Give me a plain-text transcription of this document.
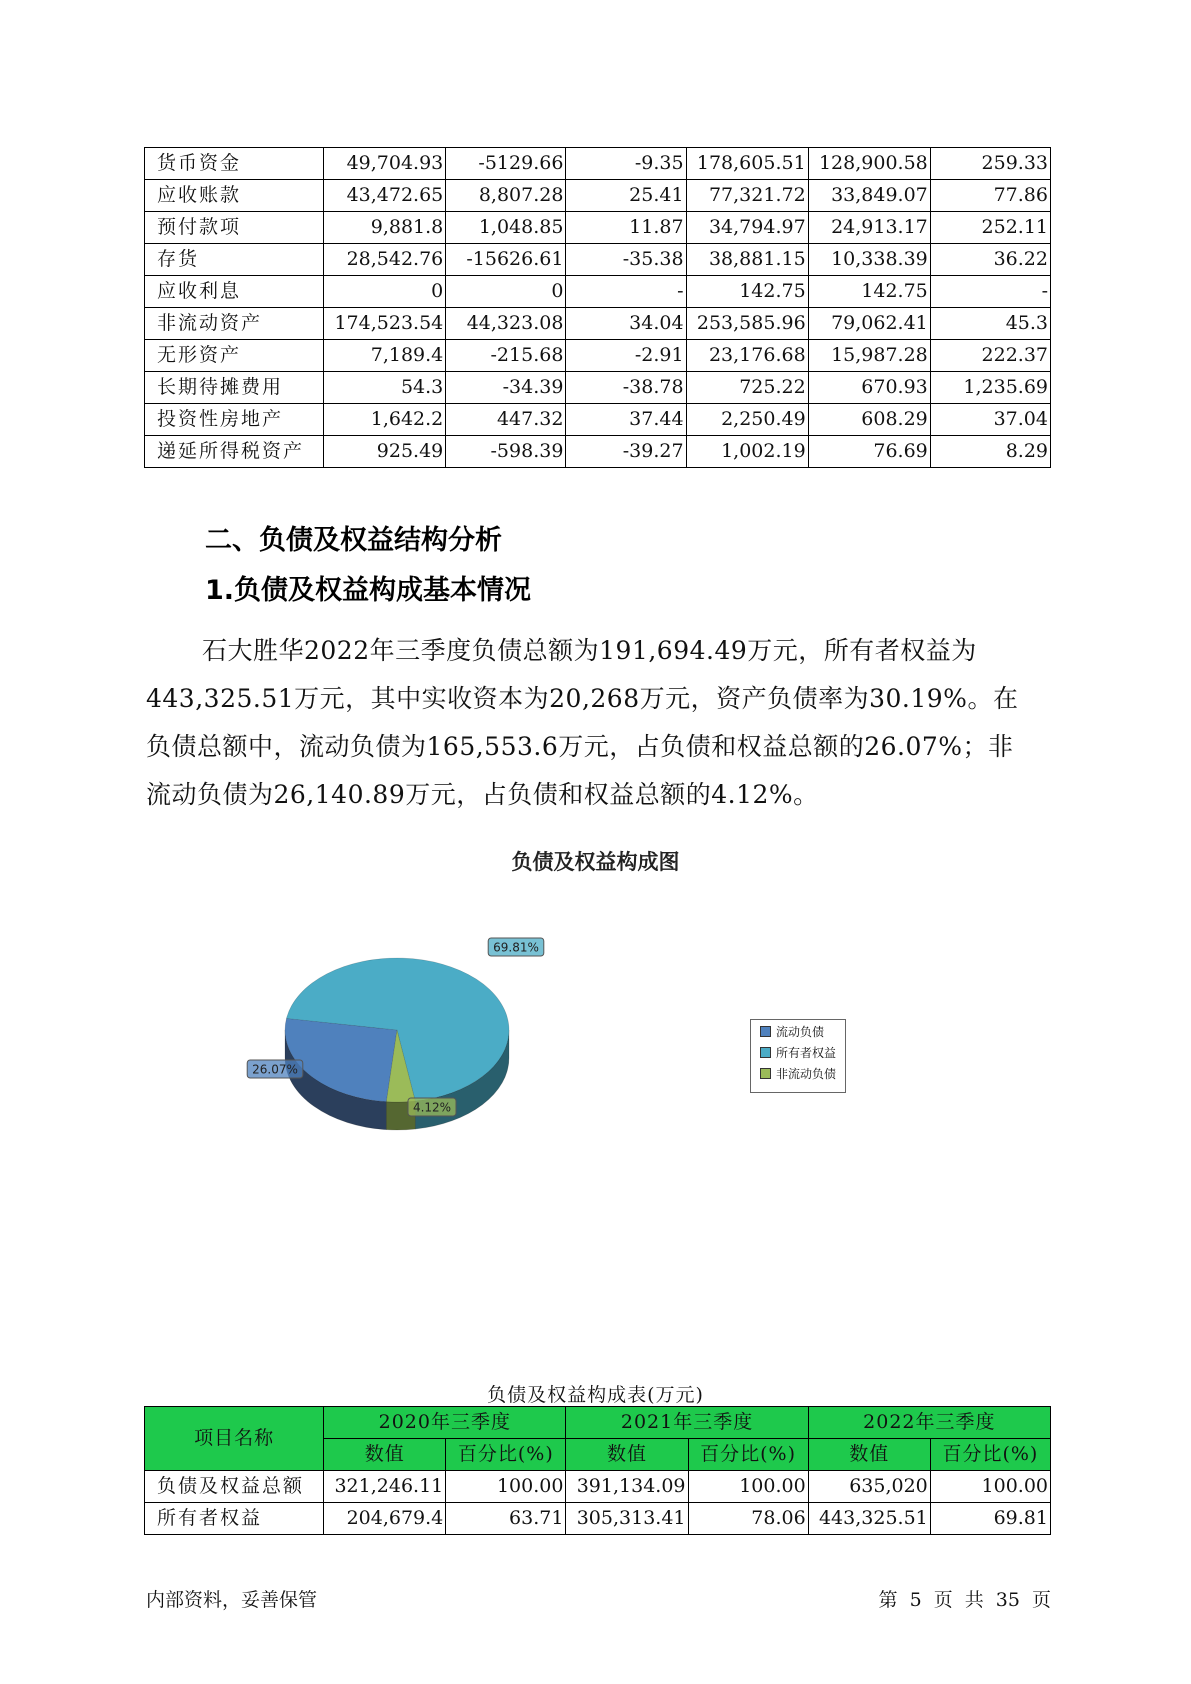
货币资金	49,704.93	-5129.66	-9.35	178,605.51	128,900.58	259.33
应收账款	43,472.65	8,807.28	25.41	77,321.72	33,849.07	77.86
预付款项	9,881.8	1,048.85	11.87	34,794.97	24,913.17	252.11
存货	28,542.76	-15626.61	-35.38	38,881.15	10,338.39	36.22
应收利息	0	0	-	142.75	142.75	-
非流动资产	174,523.54	44,323.08	34.04	253,585.96	79,062.41	45.3
无形资产	7,189.4	-215.68	-2.91	23,176.68	15,987.28	222.37
长期待摊费用	54.3	-34.39	-38.78	725.22	670.93	1,235.69
投资性房地产	1,642.2	447.32	37.44	2,250.49	608.29	37.04
递延所得税资产	925.49	-598.39	-39.27	1,002.19	76.69	8.29
二、负债及权益结构分析
1.负债及权益构成基本情况
石大胜华2022年三季度负债总额为191,694.49万元，所有者权益为
443,325.51万元，其中实收资本为20,268万元，资产负债率为30.19%。在
负债总额中，流动负债为165,553.6万元，占负债和权益总额的26.07%；非
流动负债为26,140.89万元，占负债和权益总额的4.12%。
负债及权益构成图
26.07%
69.81%
4.12%
流动负债
所有者权益
非流动负债
负债及权益构成表(万元)
项目名称	2020年三季度		2021年三季度		2022年三季度	
	数值	百分比(%)	数值	百分比(%)	数值	百分比(%)
负债及权益总额	321,246.11	100.00	391,134.09	100.00	635,020	100.00
所有者权益	204,679.4	63.71	305,313.41	78.06	443,325.51	69.81
内部资料，妥善保管	第 5 页 共 35 页
